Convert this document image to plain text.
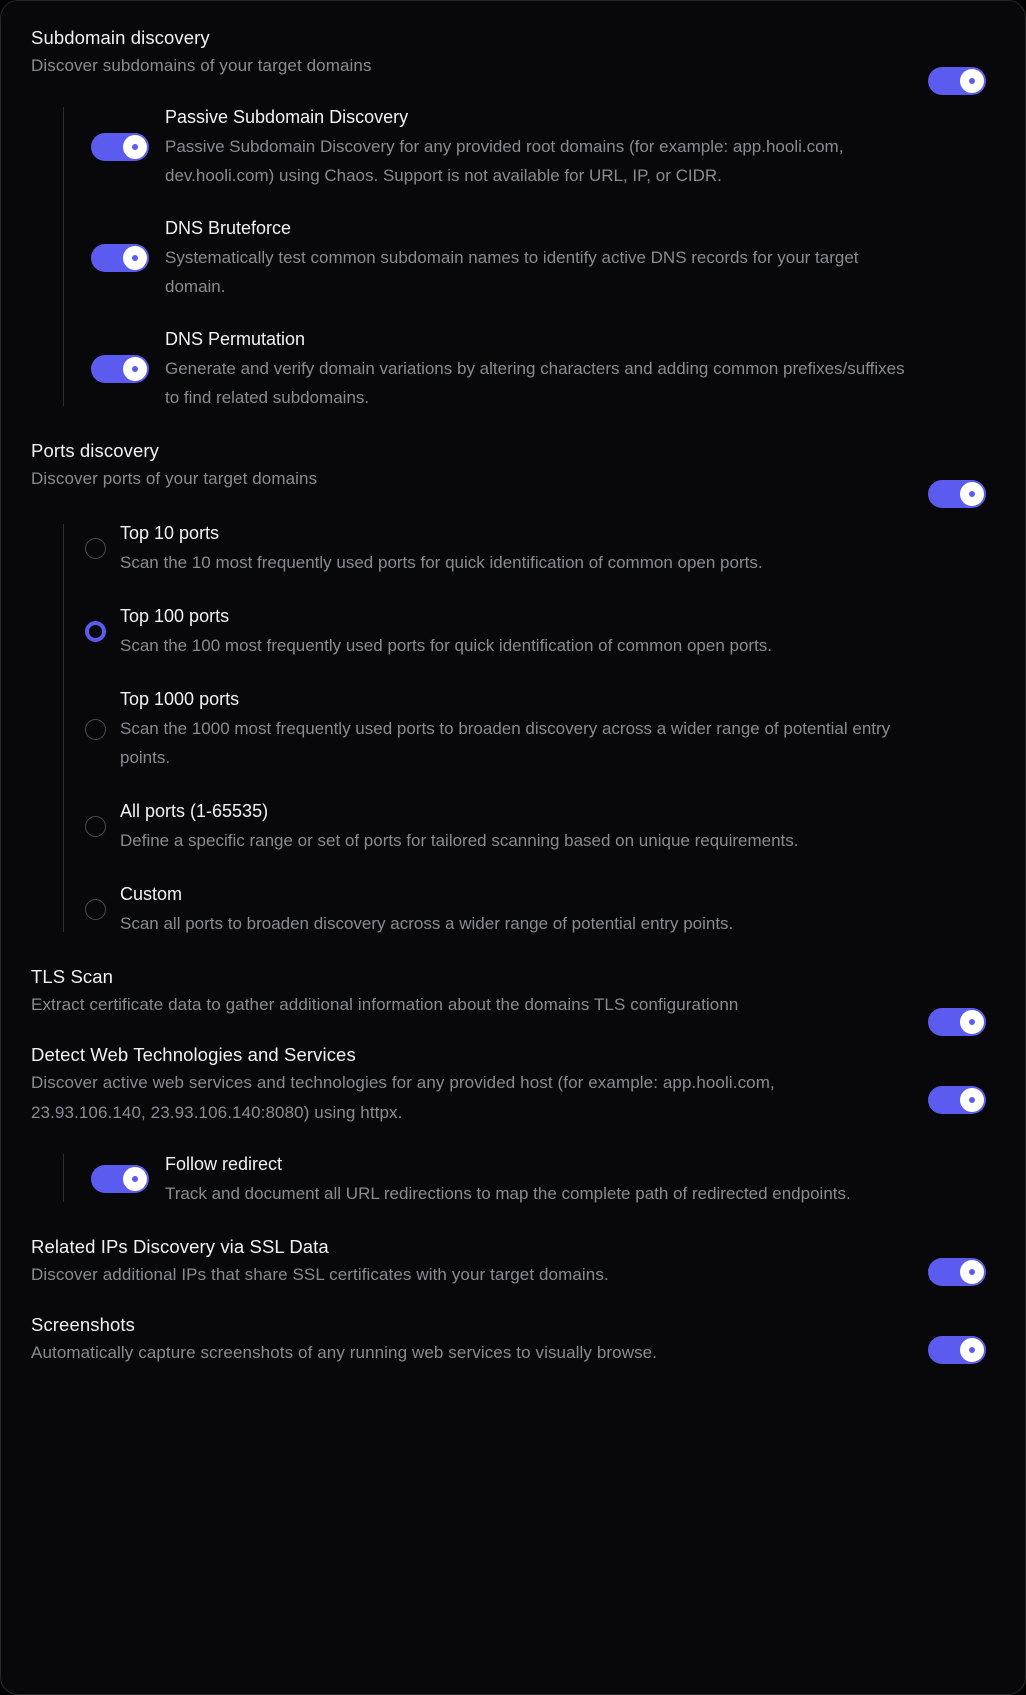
Subdomain discovery
Discover subdomains of your target domains
Passive Subdomain Discovery
Passive Subdomain Discovery for any provided root domains (for example: app.hooli.com, dev.hooli.com) using Chaos. Support is not available for URL, IP, or CIDR.
DNS Bruteforce
Systematically test common subdomain names to identify active DNS records for your target domain.
DNS Permutation
Generate and verify domain variations by altering characters and adding common prefixes/suffixes to find related subdomains.
Ports discovery
Discover ports of your target domains
Top 10 ports
Scan the 10 most frequently used ports for quick identification of common open ports.
Top 100 ports
Scan the 100 most frequently used ports for quick identification of common open ports.
Top 1000 ports
Scan the 1000 most frequently used ports to broaden discovery across a wider range of potential entry points.
All ports (1-65535)
Define a specific range or set of ports for tailored scanning based on unique requirements.
Custom
Scan all ports to broaden discovery across a wider range of potential entry points.
TLS Scan
Extract certificate data to gather additional information about the domains TLS configurationn
Detect Web Technologies and Services
Discover active web services and technologies for any provided host (for example: app.hooli.com, 23.93.106.140, 23.93.106.140:8080) using httpx.
Follow redirect
Track and document all URL redirections to map the complete path of redirected endpoints.
Related IPs Discovery via SSL Data
Discover additional IPs that share SSL certificates with your target domains.
Screenshots
Automatically capture screenshots of any running web services to visually browse.
